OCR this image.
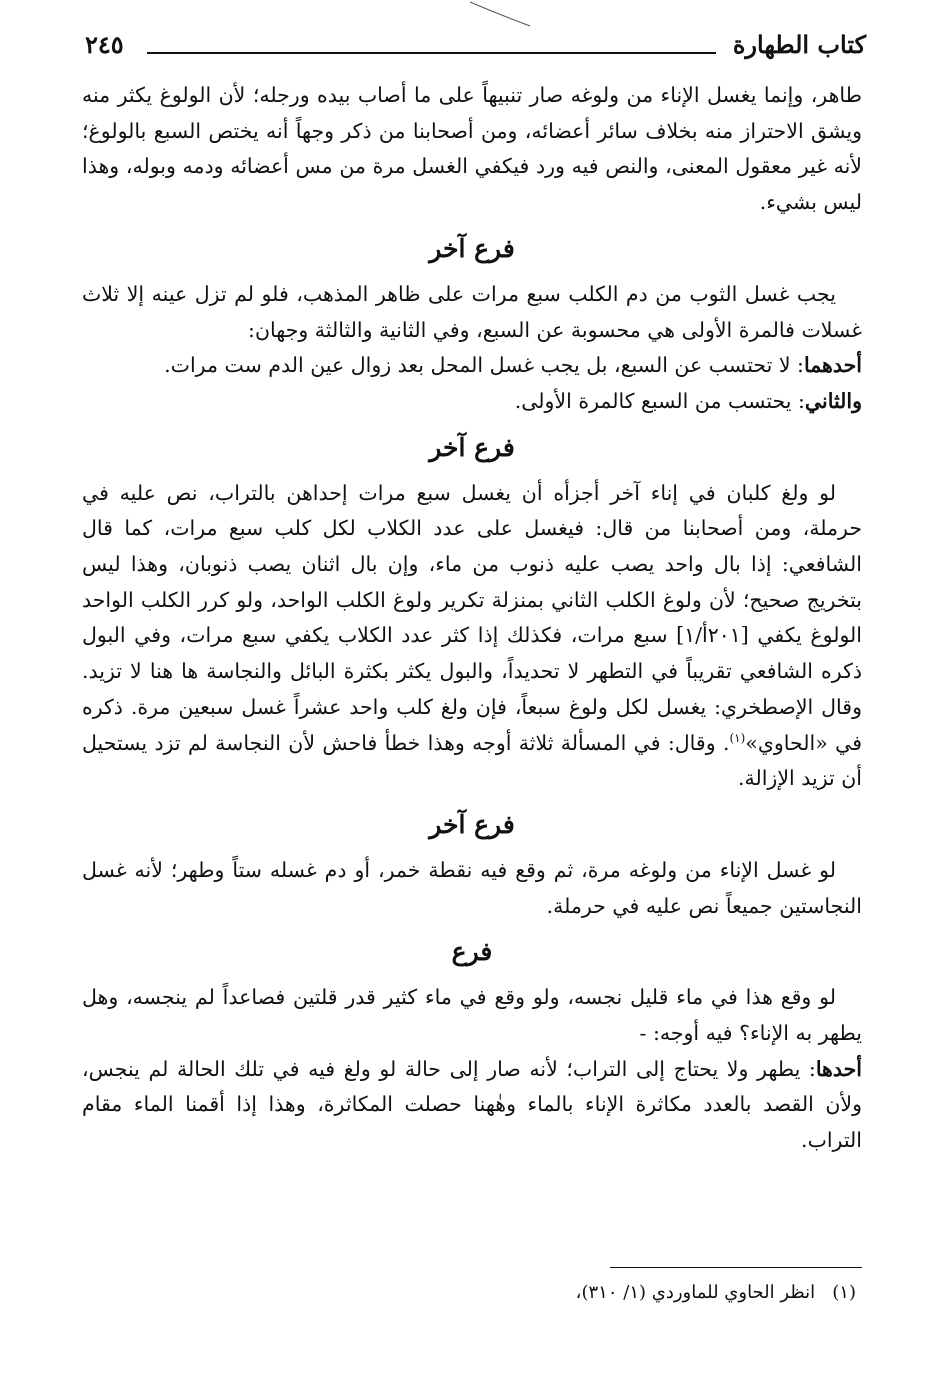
كتاب الطهارة
٢٤٥

طاهر، وإنما يغسل الإناء من ولوغه صار تنبيهاً على ما أصاب بيده ورجله؛ لأن الولوغ يكثر منه ويشق الاحتراز منه بخلاف سائر أعضائه، ومن أصحابنا من ذكر وجهاً أنه يختص السبع بالولوغ؛ لأنه غير معقول المعنى، والنص فيه ورد فيكفي الغسل مرة من مس أعضائه ودمه وبوله، وهذا ليس بشيء.

فرع آخر

يجب غسل الثوب من دم الكلب سبع مرات على ظاهر المذهب، فلو لم تزل عينه إلا ثلاث غسلات فالمرة الأولى هي محسوبة عن السبع، وفي الثانية والثالثة وجهان:

أحدهما: لا تحتسب عن السبع، بل يجب غسل المحل بعد زوال عين الدم ست مرات.

والثاني: يحتسب من السبع كالمرة الأولى.

فرع آخر

لو ولغ كلبان في إناء آخر أجزأه أن يغسل سبع مرات إحداهن بالتراب، نص عليه في حرملة، ومن أصحابنا من قال: فيغسل على عدد الكلاب لكل كلب سبع مرات، كما قال الشافعي: إذا بال واحد يصب عليه ذنوب من ماء، وإن بال اثنان يصب ذنوبان، وهذا ليس بتخريج صحيح؛ لأن ولوغ الكلب الثاني بمنزلة تكرير ولوغ الكلب الواحد، ولو كرر الكلب الواحد الولوغ يكفي [٢٠١أ/١] سبع مرات، فكذلك إذا كثر عدد الكلاب يكفي سبع مرات، وفي البول ذكره الشافعي تقريباً في التطهر لا تحديداً، والبول يكثر بكثرة البائل والنجاسة ها هنا لا تزيد. وقال الإصطخري: يغسل لكل ولوغ سبعاً، فإن ولغ كلب واحد عشراً غسل سبعين مرة. ذكره في «الحاوي»$^{(١)}$. وقال: في المسألة ثلاثة أوجه وهذا خطأ فاحش لأن النجاسة لم تزد يستحيل أن تزيد الإزالة.

فرع آخر

لو غسل الإناء من ولوغه مرة، ثم وقع فيه نقطة خمر، أو دم غسله ستاً وطهر؛ لأنه غسل النجاستين جميعاً نص عليه في حرملة.

فرع

لو وقع هذا في ماء قليل نجسه، ولو وقع في ماء كثير قدر قلتين فصاعداً لم ينجسه، وهل يطهر به الإناء؟ فيه أوجه: -

أحدها: يطهر ولا يحتاج إلى التراب؛ لأنه صار إلى حالة لو ولغ فيه في تلك الحالة لم ينجس، ولأن القصد بالعدد مكاثرة الإناء بالماء وهٰهنا حصلت المكاثرة، وهذا إذا أقمنا الماء مقام التراب.

(١)   انظر الحاوي للماوردي (١/ ٣١٠)،
